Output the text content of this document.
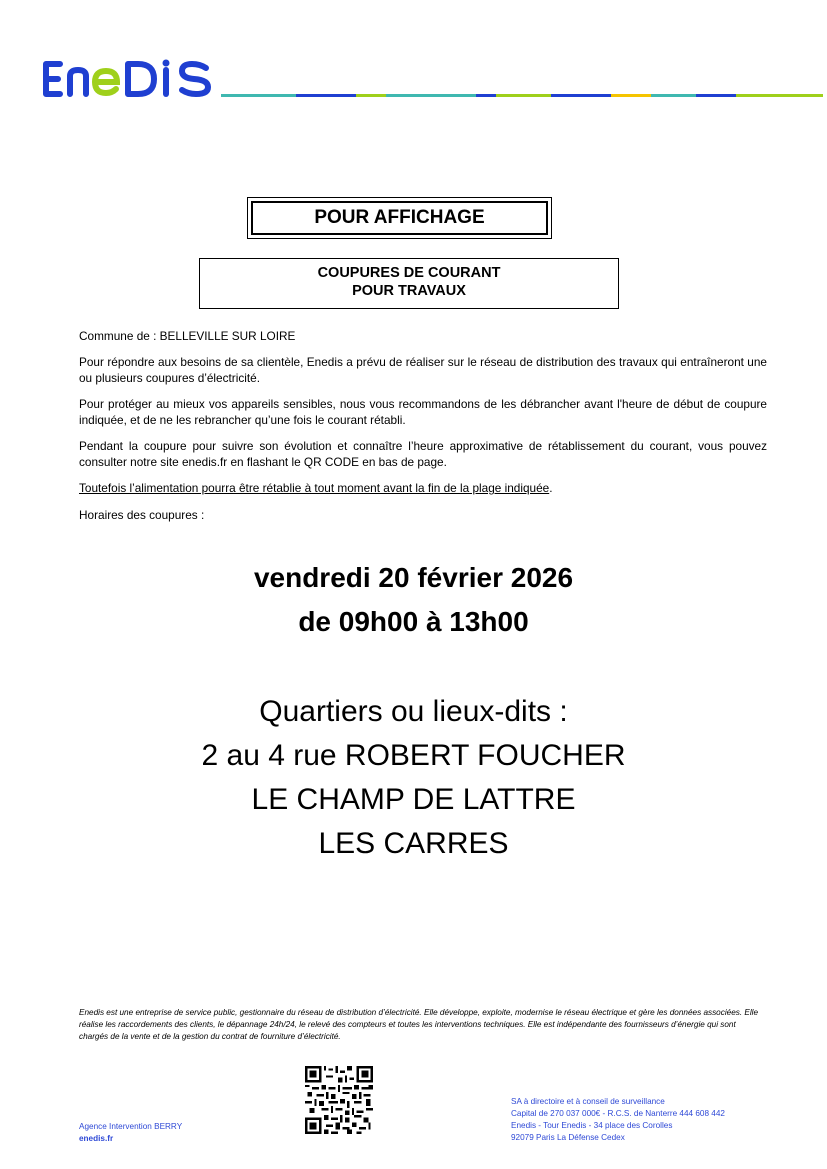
POUR AFFICHAGE
COUPURES DE COURANT
POUR TRAVAUX

Commune de : BELLEVILLE SUR LOIRE

Pour répondre aux besoins de sa clientèle, Enedis a prévu de réaliser sur le réseau de distribution des travaux qui entraîneront une ou plusieurs coupures d’électricité.

Pour protéger au mieux vos appareils sensibles, nous vous recommandons de les débrancher avant l'heure de début de coupure indiquée, et de ne les rebrancher qu’une fois le courant rétabli.

Pendant la coupure pour suivre son évolution et connaître l’heure approximative de rétablissement du courant, vous pouvez consulter notre site enedis.fr en flashant le QR CODE en bas de page.

Toutefois l’alimentation pourra être rétablie à tout moment avant la fin de la plage indiquée.

Horaires des coupures :

vendredi 20 février 2026
de 09h00 à 13h00
Quartiers ou lieux-dits :
2 au 4 rue ROBERT FOUCHER
LE CHAMP DE LATTRE
LES CARRES

Enedis est une entreprise de service public, gestionnaire du réseau de distribution d’électricité. Elle développe, exploite, modernise le réseau électrique et gère les données associées. Elle réalise les raccordements des clients, le dépannage 24h/24, le relevé des compteurs et toutes les interventions techniques. Elle est indépendante des fournisseurs d’énergie qui sont chargés de la vente et de la gestion du contrat de fourniture d’électricité.

Agence Intervention BERRY
enedis.fr
SA à directoire et à conseil de surveillance
Capital de 270 037 000€ - R.C.S. de Nanterre 444 608 442
Enedis - Tour Enedis - 34 place des Corolles
92079 Paris La Défense Cedex
